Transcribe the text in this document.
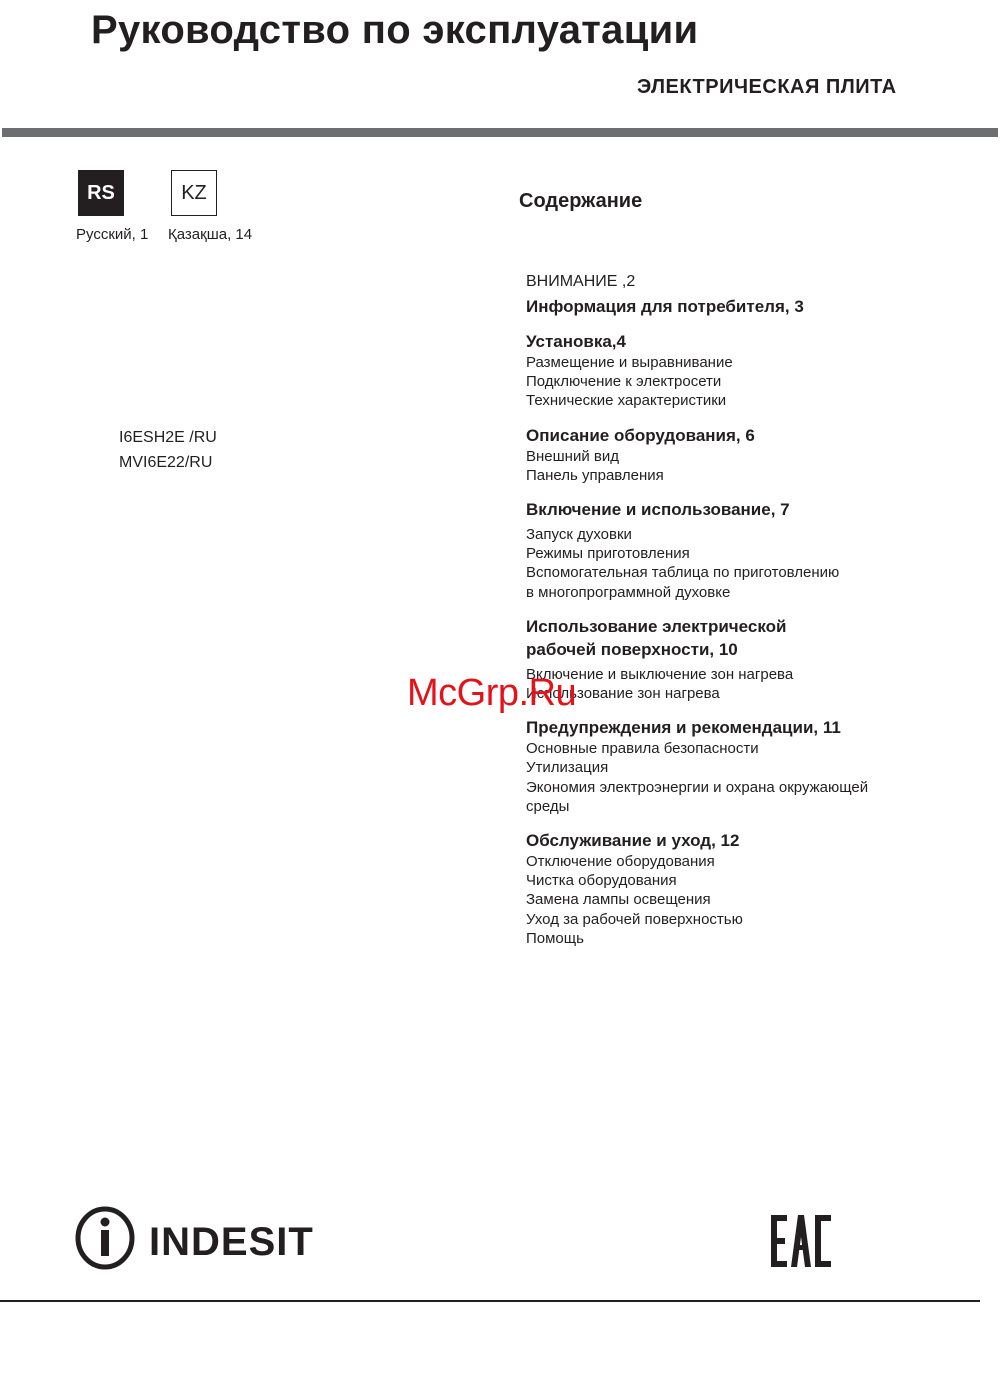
Руководство по эксплуатации
ЭЛЕКТРИЧЕСКАЯ ПЛИТА
RS	KZ
Русский, 1 Қазақша, 14
I6ESH2E /RU
MVI6E22/RU
Содержание
ВНИМАНИЕ ,2
Информация для потребителя, 3
Установка,4
Размещение и выравнивание
Подключение к электросети
Технические характеристики
Описание оборудования, 6
Внешний вид
Панель управления
Включение и использование, 7
Запуск духовки
Режимы приготовления
Вспомогательная таблица по приготовлению
в многопрограммной духовке
Использование электрической рабочей поверхности, 10
Включение и выключение зон нагрева
Использование зон нагрева
Предупреждения и рекомендации, 11
Основные правила безопасности
Утилизация
Экономия электроэнергии и охрана окружающей среды
Обслуживание и уход, 12
Отключение оборудования
Чистка оборудования
Замена лампы освещения
Уход за рабочей поверхностью
Помощь
McGrp.Ru
INDESIT
